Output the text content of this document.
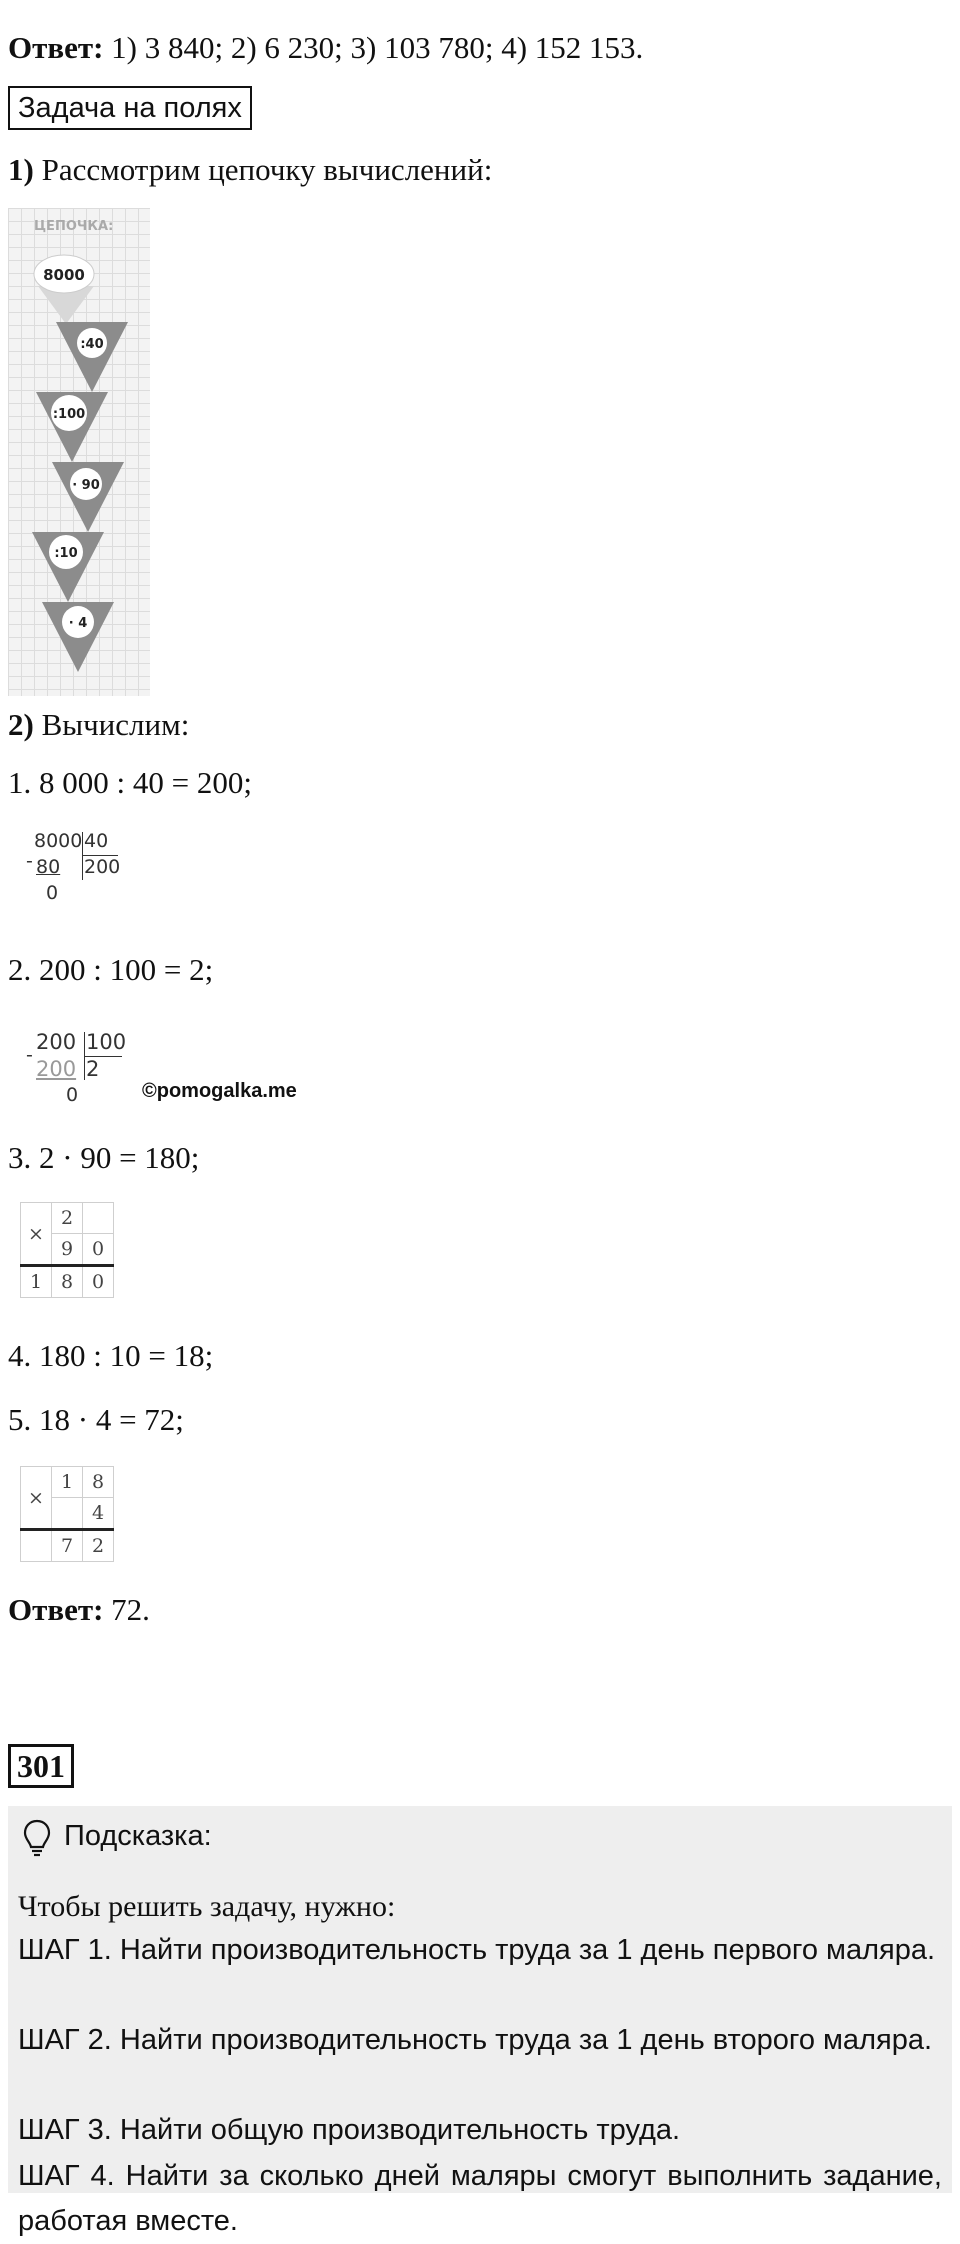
Ответ: 1) 3 840; 2) 6 230; 3) 103 780; 4) 152 153.
Задача на полях
1) Рассмотрим цепочку вычислений:
ЦЕПОЧКА:
8000
:40
:100
· 90
:10
· 4
2) Вычислим:
1. 8 000 : 40 = 200;
8000 40
- 80 200
0
2. 200 : 100 = 2;
200 100
-
200 2
0	©pomogalka.me
3. 2 · 90 = 180;
×	2	
	9	0
1	8	0
4. 180 : 10 = 18;
5. 18 · 4 = 72;
×	1	8
		4
	7	2
Ответ: 72.
301
Подсказка:
Чтобы решить задачу, нужно:
ШАГ 1. Найти производительность труда за 1 день первого маляра.
ШАГ 2. Найти производительность труда за 1 день второго маляра.
ШАГ 3. Найти общую производительность труда.
ШАГ 4. Найти за сколько дней маляры смогут выполнить задание, работая вместе.
